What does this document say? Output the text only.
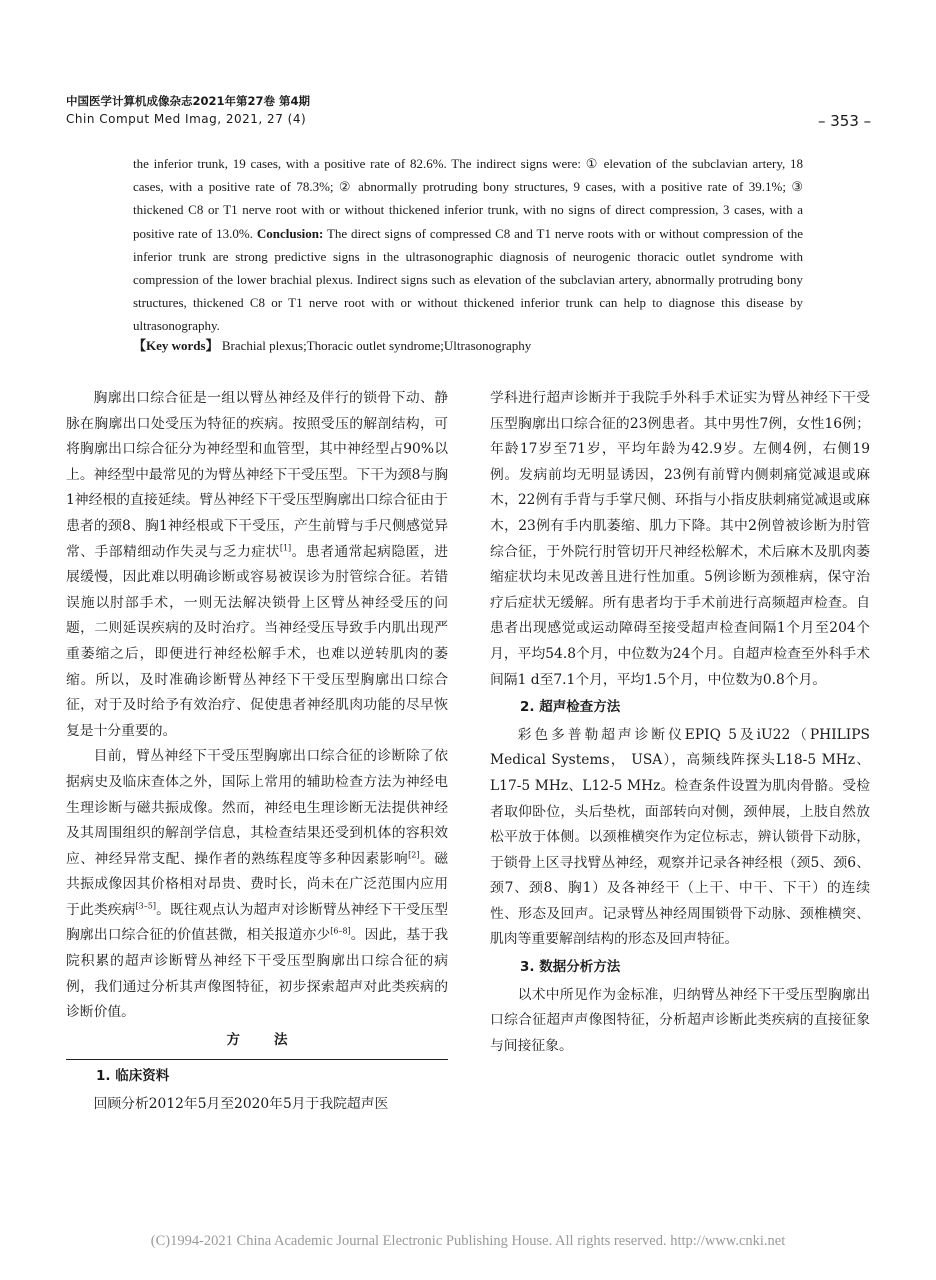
中国医学计算机成像杂志2021年第27卷 第4期
Chin Comput Med Imag, 2021, 27 (4)	– 353 –
the inferior trunk, 19 cases, with a positive rate of 82.6%. The indirect signs were: ① elevation of the subclavian artery, 18 cases, with a positive rate of 78.3%; ② abnormally protruding bony structures, 9 cases, with a positive rate of 39.1%; ③ thickened C8 or T1 nerve root with or without thickened inferior trunk, with no signs of direct compression, 3 cases, with a positive rate of 13.0%. Conclusion: The direct signs of compressed C8 and T1 nerve roots with or without compression of the inferior trunk are strong predictive signs in the ultrasonographic diagnosis of neurogenic thoracic outlet syndrome with compression of the lower brachial plexus. Indirect signs such as elevation of the subclavian artery, abnormally protruding bony structures, thickened C8 or T1 nerve root with or without thickened inferior trunk can help to diagnose this disease by ultrasonography.
【Key words】 Brachial plexus;Thoracic outlet syndrome;Ultrasonography

胸廓出口综合征是一组以臂丛神经及伴行的锁骨下动、静脉在胸廓出口处受压为特征的疾病。按照受压的解剖结构，可将胸廓出口综合征分为神经型和血管型，其中神经型占90%以上。神经型中最常见的为臂丛神经下干受压型。下干为颈8与胸1神经根的直接延续。臂丛神经下干受压型胸廓出口综合征由于患者的颈8、胸1神经根或下干受压，产生前臂与手尺侧感觉异常、手部精细动作失灵与乏力症状[1]。患者通常起病隐匿，进展缓慢，因此难以明确诊断或容易被误诊为肘管综合征。若错误施以肘部手术，一则无法解决锁骨上区臂丛神经受压的问题，二则延误疾病的及时治疗。当神经受压导致手内肌出现严重萎缩之后，即便进行神经松解手术，也难以逆转肌肉的萎缩。所以，及时准确诊断臂丛神经下干受压型胸廓出口综合征，对于及时给予有效治疗、促使患者神经肌肉功能的尽早恢复是十分重要的。

目前，臂丛神经下干受压型胸廓出口综合征的诊断除了依据病史及临床查体之外，国际上常用的辅助检查方法为神经电生理诊断与磁共振成像。然而，神经电生理诊断无法提供神经及其周围组织的解剖学信息，其检查结果还受到机体的容积效应、神经异常支配、操作者的熟练程度等多种因素影响[2]。磁共振成像因其价格相对昂贵、费时长，尚未在广泛范围内应用于此类疾病[3–5]。既往观点认为超声对诊断臂丛神经下干受压型胸廓出口综合征的价值甚微，相关报道亦少[6–8]。因此，基于我院积累的超声诊断臂丛神经下干受压型胸廓出口综合征的病例，我们通过分析其声像图特征，初步探索超声对此类疾病的诊断价值。

方法
1. 临床资料

回顾分析2012年5月至2020年5月于我院超声医

学科进行超声诊断并于我院手外科手术证实为臂丛神经下干受压型胸廓出口综合征的23例患者。其中男性7例，女性16例；年龄17岁至71岁，平均年龄为42.9岁。左侧4例，右侧19例。发病前均无明显诱因，23例有前臂内侧刺痛觉减退或麻木，22例有手背与手掌尺侧、环指与小指皮肤刺痛觉减退或麻木，23例有手内肌萎缩、肌力下降。其中2例曾被诊断为肘管综合征，于外院行肘管切开尺神经松解术，术后麻木及肌肉萎缩症状均未见改善且进行性加重。5例诊断为颈椎病，保守治疗后症状无缓解。所有患者均于手术前进行高频超声检查。自患者出现感觉或运动障碍至接受超声检查间隔1个月至204个月，平均54.8个月，中位数为24个月。自超声检查至外科手术间隔1 d至7.1个月，平均1.5个月，中位数为0.8个月。

2. 超声检查方法

彩色多普勒超声诊断仪EPIQ 5及iU22（PHILIPS Medical Systems， USA），高频线阵探头L18-5 MHz、L17-5 MHz、L12-5 MHz。检查条件设置为肌肉骨骼。受检者取仰卧位，头后垫枕，面部转向对侧，颈伸展，上肢自然放松平放于体侧。以颈椎横突作为定位标志，辨认锁骨下动脉，于锁骨上区寻找臂丛神经，观察并记录各神经根（颈5、颈6、颈7、颈8、胸1）及各神经干（上干、中干、下干）的连续性、形态及回声。记录臂丛神经周围锁骨下动脉、颈椎横突、肌肉等重要解剖结构的形态及回声特征。

3. 数据分析方法

以术中所见作为金标准，归纳臂丛神经下干受压型胸廓出口综合征超声声像图特征，分析超声诊断此类疾病的直接征象与间接征象。

(C)1994-2021 China Academic Journal Electronic Publishing House. All rights reserved. http://www.cnki.net
